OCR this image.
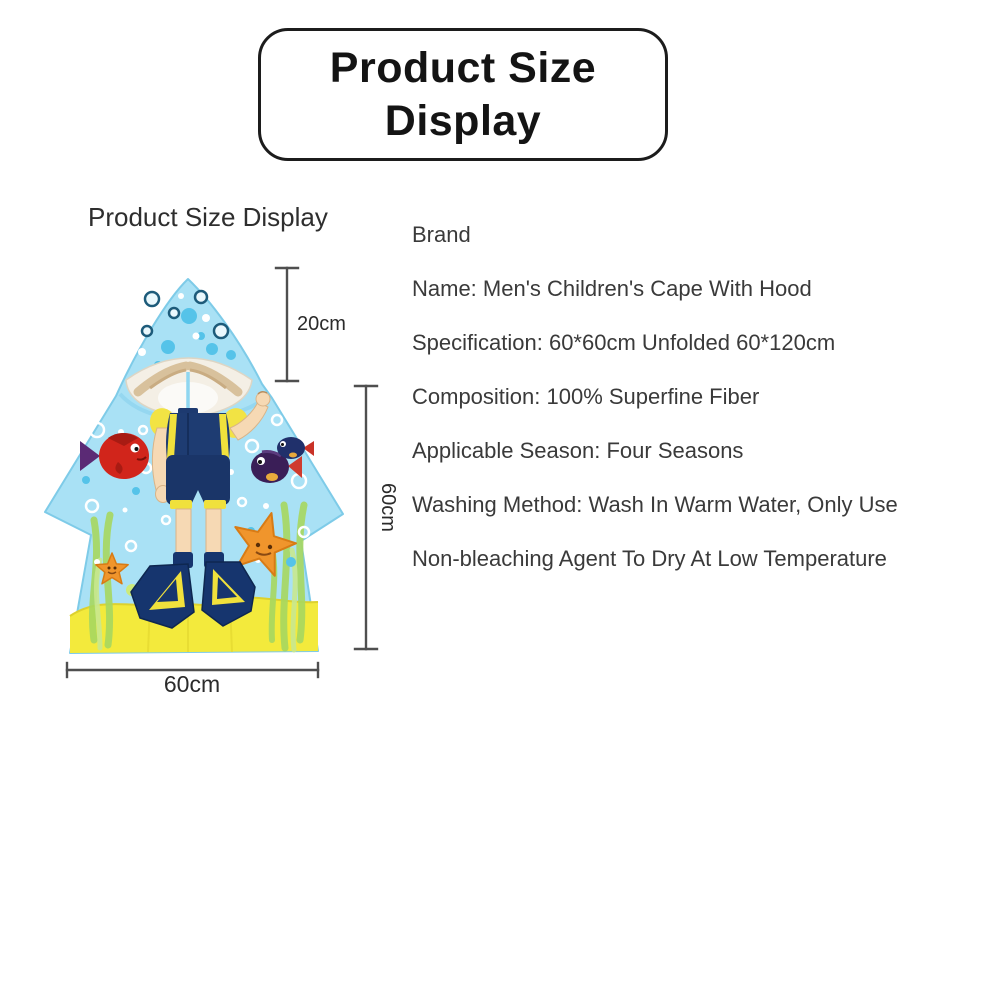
Product Size
Display
Product Size Display
20cm
60cm
60cm
Brand
Name: Men's Children's Cape With Hood
Specification: 60*60cm Unfolded 60*120cm
Composition: 100% Superfine Fiber
Applicable Season: Four Seasons
Washing Method: Wash In Warm Water, Only Use
Non-bleaching Agent To Dry At Low Temperature
